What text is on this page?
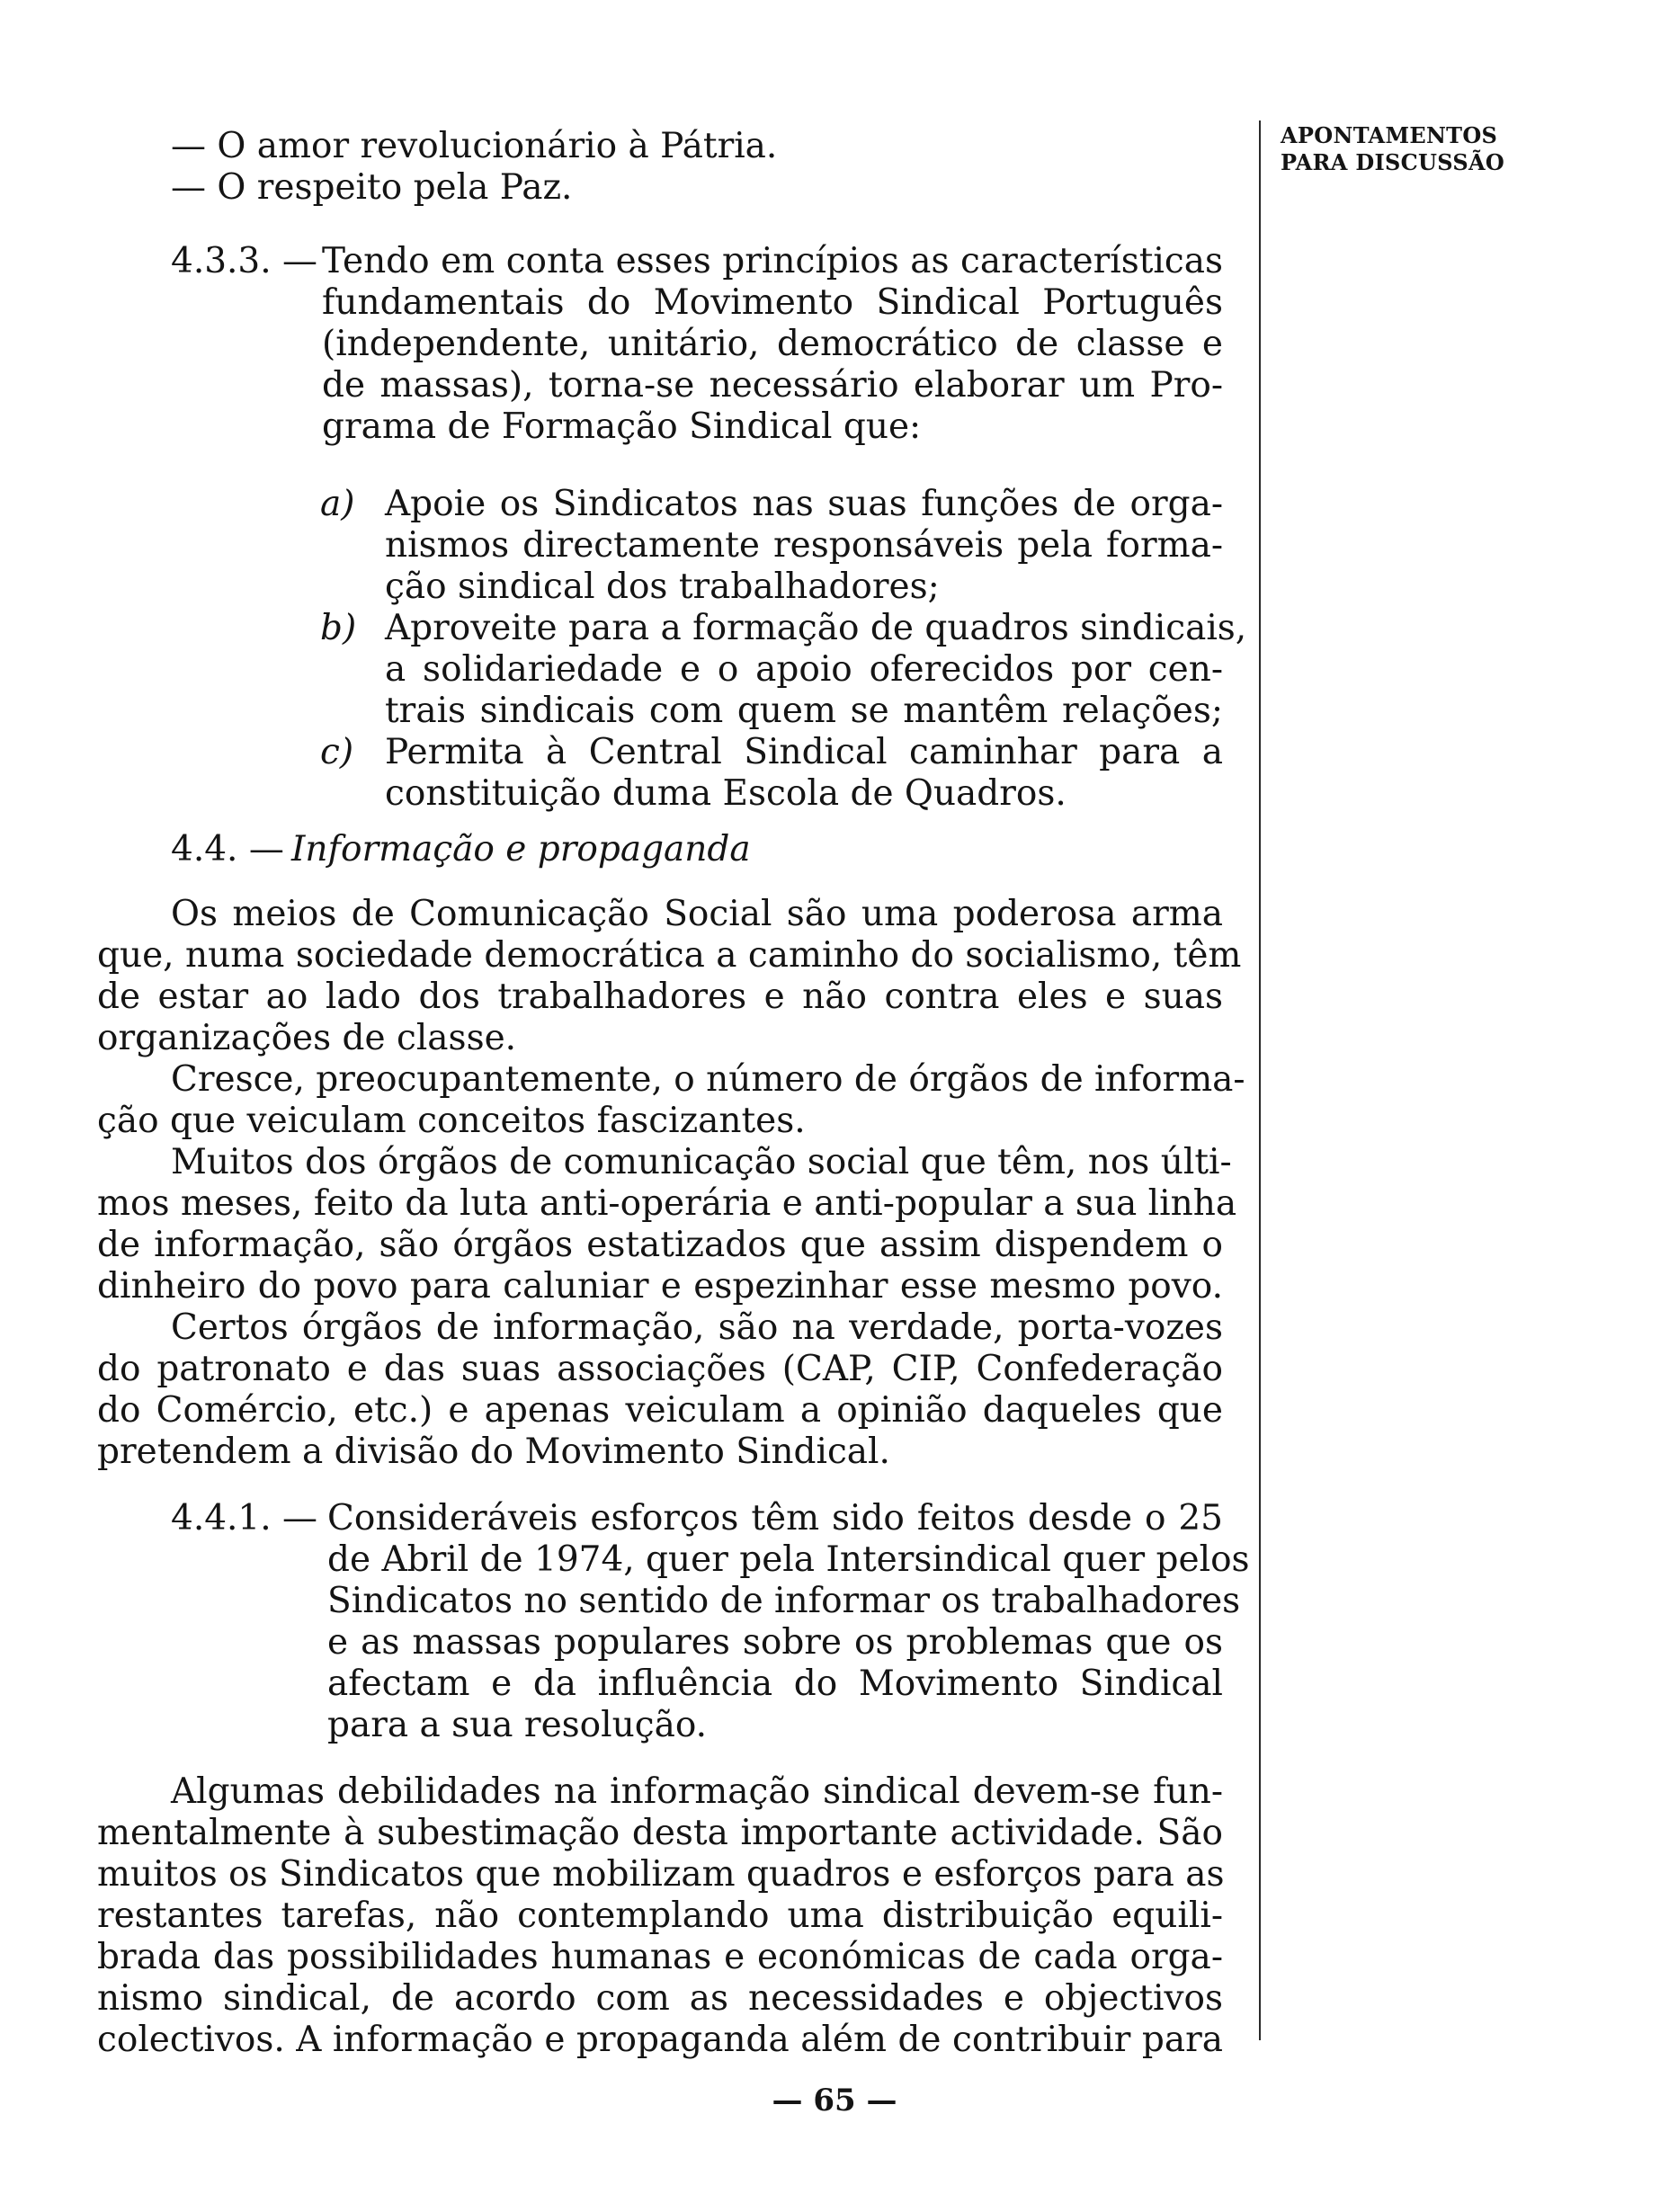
APONTAMENTOS
PARA DISCUSSÃO
— O amor revolucionário à Pátria.
— O respeito pela Paz.
4.3.3. — Tendo em conta esses princípios as características
fundamentais do Movimento Sindical Português
(independente, unitário, democrático de classe e
de massas), torna-se necessário elaborar um Pro-
grama de Formação Sindical que:
a) Apoie os Sindicatos nas suas funções de orga-
nismos directamente responsáveis pela forma-
ção sindical dos trabalhadores;
b) Aproveite para a formação de quadros sindicais,
a solidariedade e o apoio oferecidos por cen-
trais sindicais com quem se mantêm relações;
c) Permita à Central Sindical caminhar para a
constituição duma Escola de Quadros.
4.4. — Informação e propaganda
Os meios de Comunicação Social são uma poderosa arma
que, numa sociedade democrática a caminho do socialismo, têm
de estar ao lado dos trabalhadores e não contra eles e suas
organizações de classe.
Cresce, preocupantemente, o número de órgãos de informa-
ção que veiculam conceitos fascizantes.
Muitos dos órgãos de comunicação social que têm, nos últi-
mos meses, feito da luta anti-operária e anti-popular a sua linha
de informação, são órgãos estatizados que assim dispendem o
dinheiro do povo para caluniar e espezinhar esse mesmo povo.
Certos órgãos de informação, são na verdade, porta-vozes
do patronato e das suas associações (CAP, CIP, Confederação
do Comércio, etc.) e apenas veiculam a opinião daqueles que
pretendem a divisão do Movimento Sindical.
4.4.1. — Consideráveis esforços têm sido feitos desde o 25
de Abril de 1974, quer pela Intersindical quer pelos
Sindicatos no sentido de informar os trabalhadores
e as massas populares sobre os problemas que os
afectam e da influência do Movimento Sindical
para a sua resolução.
Algumas debilidades na informação sindical devem-se fun-
mentalmente à subestimação desta importante actividade. São
muitos os Sindicatos que mobilizam quadros e esforços para as
restantes tarefas, não contemplando uma distribuição equili-
brada das possibilidades humanas e económicas de cada orga-
nismo sindical, de acordo com as necessidades e objectivos
colectivos. A informação e propaganda além de contribuir para
— 65 —
